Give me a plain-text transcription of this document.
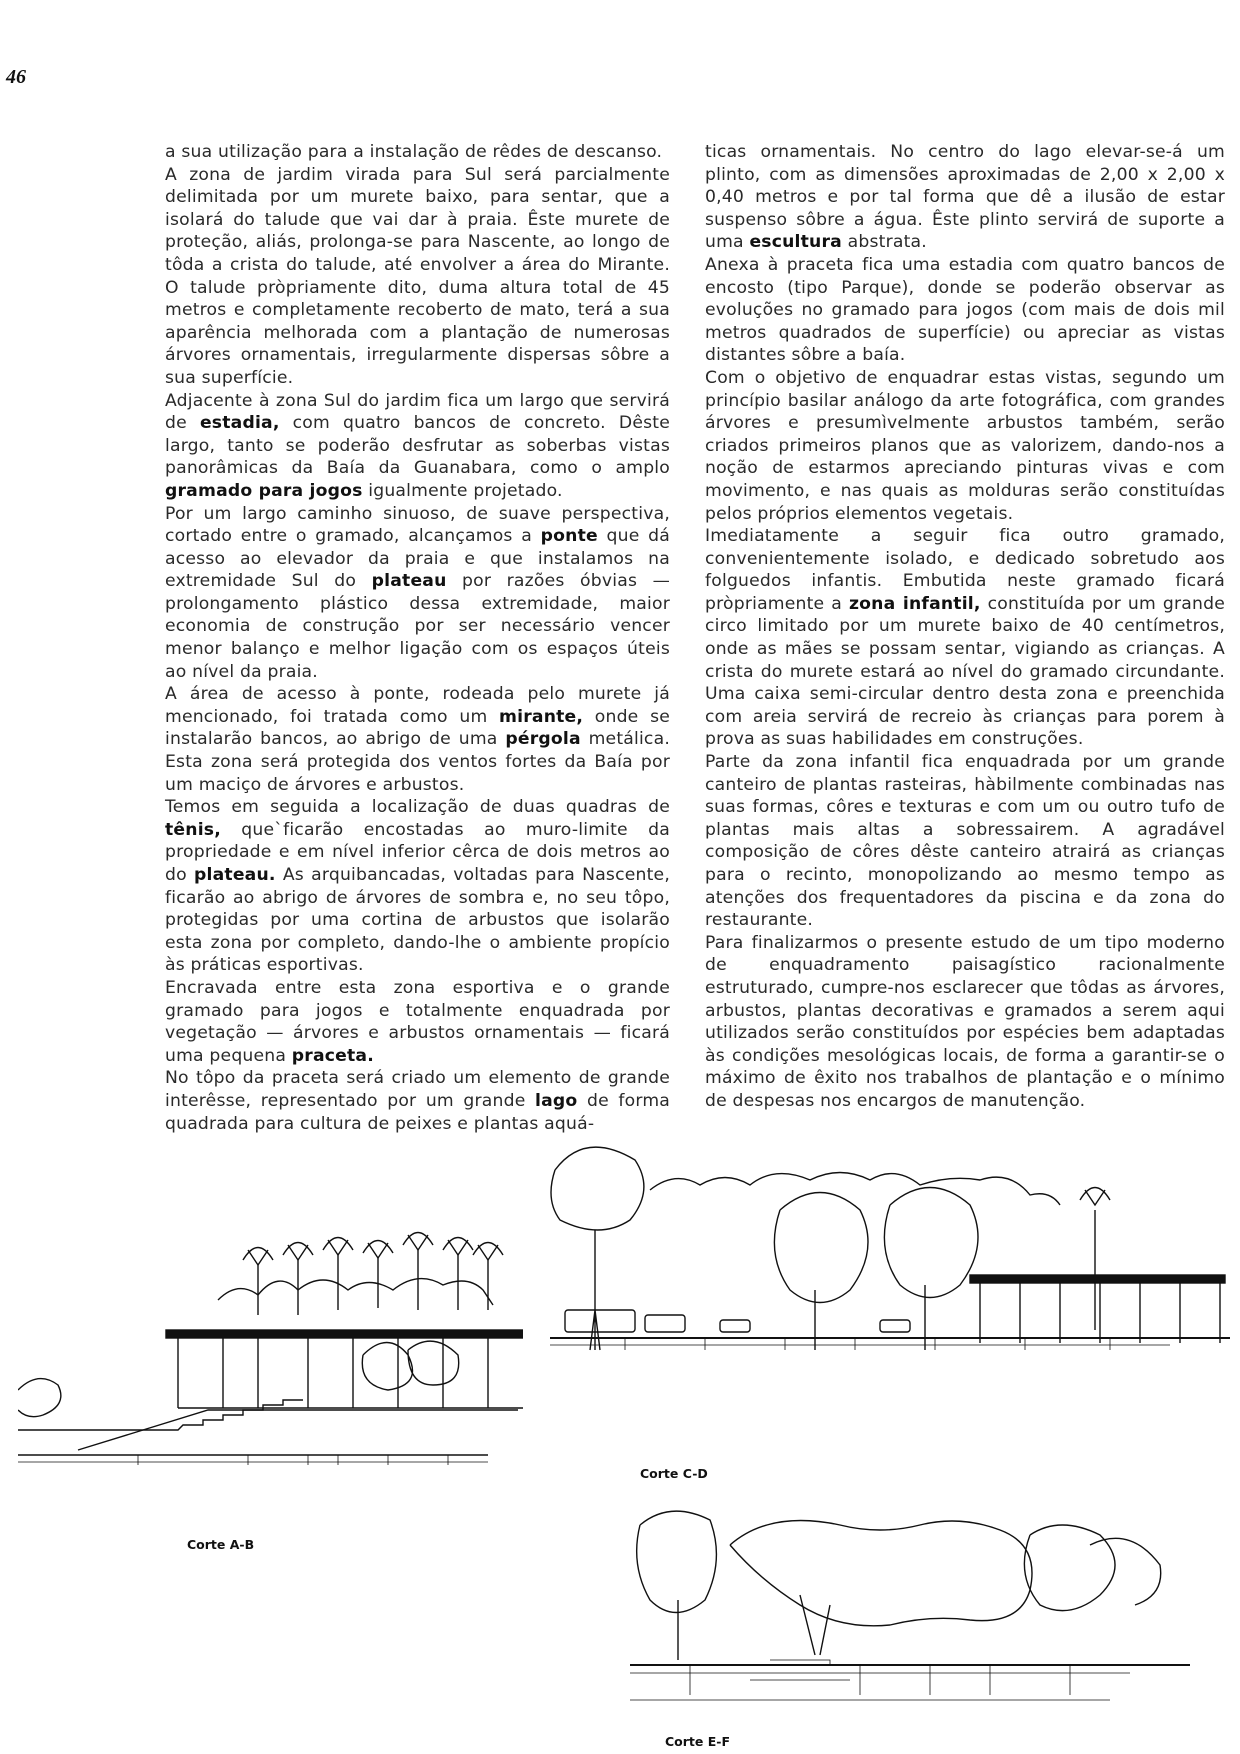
46

a sua utilização para a instalação de rêdes de descanso.

A zona de jardim virada para Sul será parcialmente delimitada por um murete baixo, para sentar, que a isolará do talude que vai dar à praia. Êste murete de proteção, aliás, prolonga-se para Nascente, ao longo de tôda a crista do talude, até envolver a área do Mirante. O talude pròpriamente dito, duma altura total de 45 metros e completamente recoberto de mato, terá a sua aparência melhorada com a plantação de numerosas árvores ornamentais, irregularmente dispersas sôbre a sua superfície.

Adjacente à zona Sul do jardim fica um largo que servirá de estadia, com quatro bancos de concreto. Dêste largo, tanto se poderão desfrutar as soberbas vistas panorâmicas da Baía da Guanabara, como o amplo gramado para jogos igualmente projetado.

Por um largo caminho sinuoso, de suave perspectiva, cortado entre o gramado, alcançamos a ponte que dá acesso ao elevador da praia e que instalamos na extremidade Sul do plateau por razões óbvias — prolongamento plástico dessa extremidade, maior economia de construção por ser necessário vencer menor balanço e melhor ligação com os espaços úteis ao nível da praia.

A área de acesso à ponte, rodeada pelo murete já mencionado, foi tratada como um mirante, onde se instalarão bancos, ao abrigo de uma pérgola metálica. Esta zona será protegida dos ventos fortes da Baía por um maciço de árvores e arbustos.

Temos em seguida a localização de duas quadras de tênis, que`ficarão encostadas ao muro-limite da propriedade e em nível inferior cêrca de dois metros ao do plateau. As arquibancadas, voltadas para Nascente, ficarão ao abrigo de árvores de sombra e, no seu tôpo, protegidas por uma cortina de arbustos que isolarão esta zona por completo, dando-lhe o ambiente propício às práticas esportivas.

Encravada entre esta zona esportiva e o grande gramado para jogos e totalmente enquadrada por vegetação — árvores e arbustos ornamentais — ficará uma pequena praceta.

No tôpo da praceta será criado um elemento de grande interêsse, representado por um grande lago de forma quadrada para cultura de peixes e plantas aquá-

ticas ornamentais. No centro do lago elevar-se-á um plinto, com as dimensões aproximadas de 2,00 x 2,00 x 0,40 metros e por tal forma que dê a ilusão de estar suspenso sôbre a água. Êste plinto servirá de suporte a uma escultura abstrata.

Anexa à praceta fica uma estadia com quatro bancos de encosto (tipo Parque), donde se poderão observar as evoluções no gramado para jogos (com mais de dois mil metros quadrados de superfície) ou apreciar as vistas distantes sôbre a baía.

Com o objetivo de enquadrar estas vistas, segundo um princípio basilar análogo da arte fotográfica, com grandes árvores e presumìvelmente arbustos também, serão criados primeiros planos que as valorizem, dando-nos a noção de estarmos apreciando pinturas vivas e com movimento, e nas quais as molduras serão constituídas pelos próprios elementos vegetais.

Imediatamente a seguir fica outro gramado, convenientemente isolado, e dedicado sobretudo aos folguedos infantis. Embutida neste gramado ficará pròpriamente a zona infantil, constituída por um grande circo limitado por um murete baixo de 40 centímetros, onde as mães se possam sentar, vigiando as crianças. A crista do murete estará ao nível do gramado circundante. Uma caixa semi-circular dentro desta zona e preenchida com areia servirá de recreio às crianças para porem à prova as suas habilidades em construções.

Parte da zona infantil fica enquadrada por um grande canteiro de plantas rasteiras, hàbilmente combinadas nas suas formas, côres e texturas e com um ou outro tufo de plantas mais altas a sobressairem. A agradável composição de côres dêste canteiro atrairá as crianças para o recinto, monopolizando ao mesmo tempo as atenções dos frequentadores da piscina e da zona do restaurante.

Para finalizarmos o presente estudo de um tipo moderno de enquadramento paisagístico racionalmente estruturado, cumpre-nos esclarecer que tôdas as árvores, arbustos, plantas decorativas e gramados a serem aqui utilizados serão constituídos por espécies bem adaptadas às condições mesológicas locais, de forma a garantir-se o máximo de êxito nos trabalhos de plantação e o mínimo de despesas nos encargos de manutenção.

Corte A-B
Corte C-D
Corte E-F
